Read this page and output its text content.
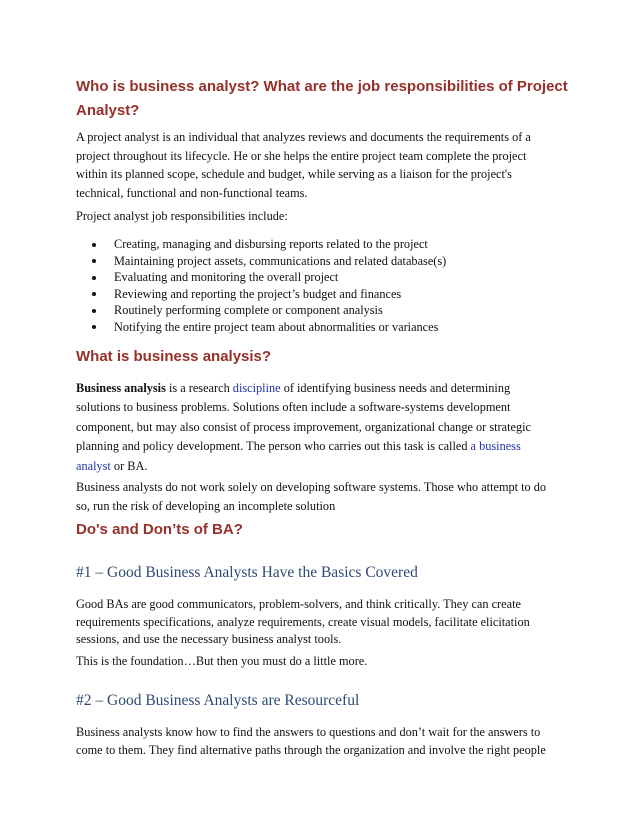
Who is business analyst? What are the job responsibilities of Project
Analyst?
A project analyst is an individual that analyzes reviews and documents the requirements of a
project throughout its lifecycle. He or she helps the entire project team complete the project
within its planned scope, schedule and budget, while serving as a liaison for the project's
technical, functional and non-functional teams.

Project analyst job responsibilities include:

Creating, managing and disbursing reports related to the project
Maintaining project assets, communications and related database(s)
Evaluating and monitoring the overall project
Reviewing and reporting the project’s budget and finances
Routinely performing complete or component analysis
Notifying the entire project team about abnormalities or variances
What is business analysis?
Business analysis is a research discipline of identifying business needs and determining
solutions to business problems. Solutions often include a software-systems development
component, but may also consist of process improvement, organizational change or strategic
planning and policy development. The person who carries out this task is called a business
analyst or BA.
Business analysts do not work solely on developing software systems. Those who attempt to do
so, run the risk of developing an incomplete solution
Do's and Don’ts of BA?
#1 – Good Business Analysts Have the Basics Covered
Good BAs are good communicators, problem-solvers, and think critically. They can create
requirements specifications, analyze requirements, create visual models, facilitate elicitation
sessions, and use the necessary business analyst tools.

This is the foundation…But then you must do a little more.

#2 – Good Business Analysts are Resourceful
Business analysts know how to find the answers to questions and don’t wait for the answers to
come to them. They find alternative paths through the organization and involve the right people
